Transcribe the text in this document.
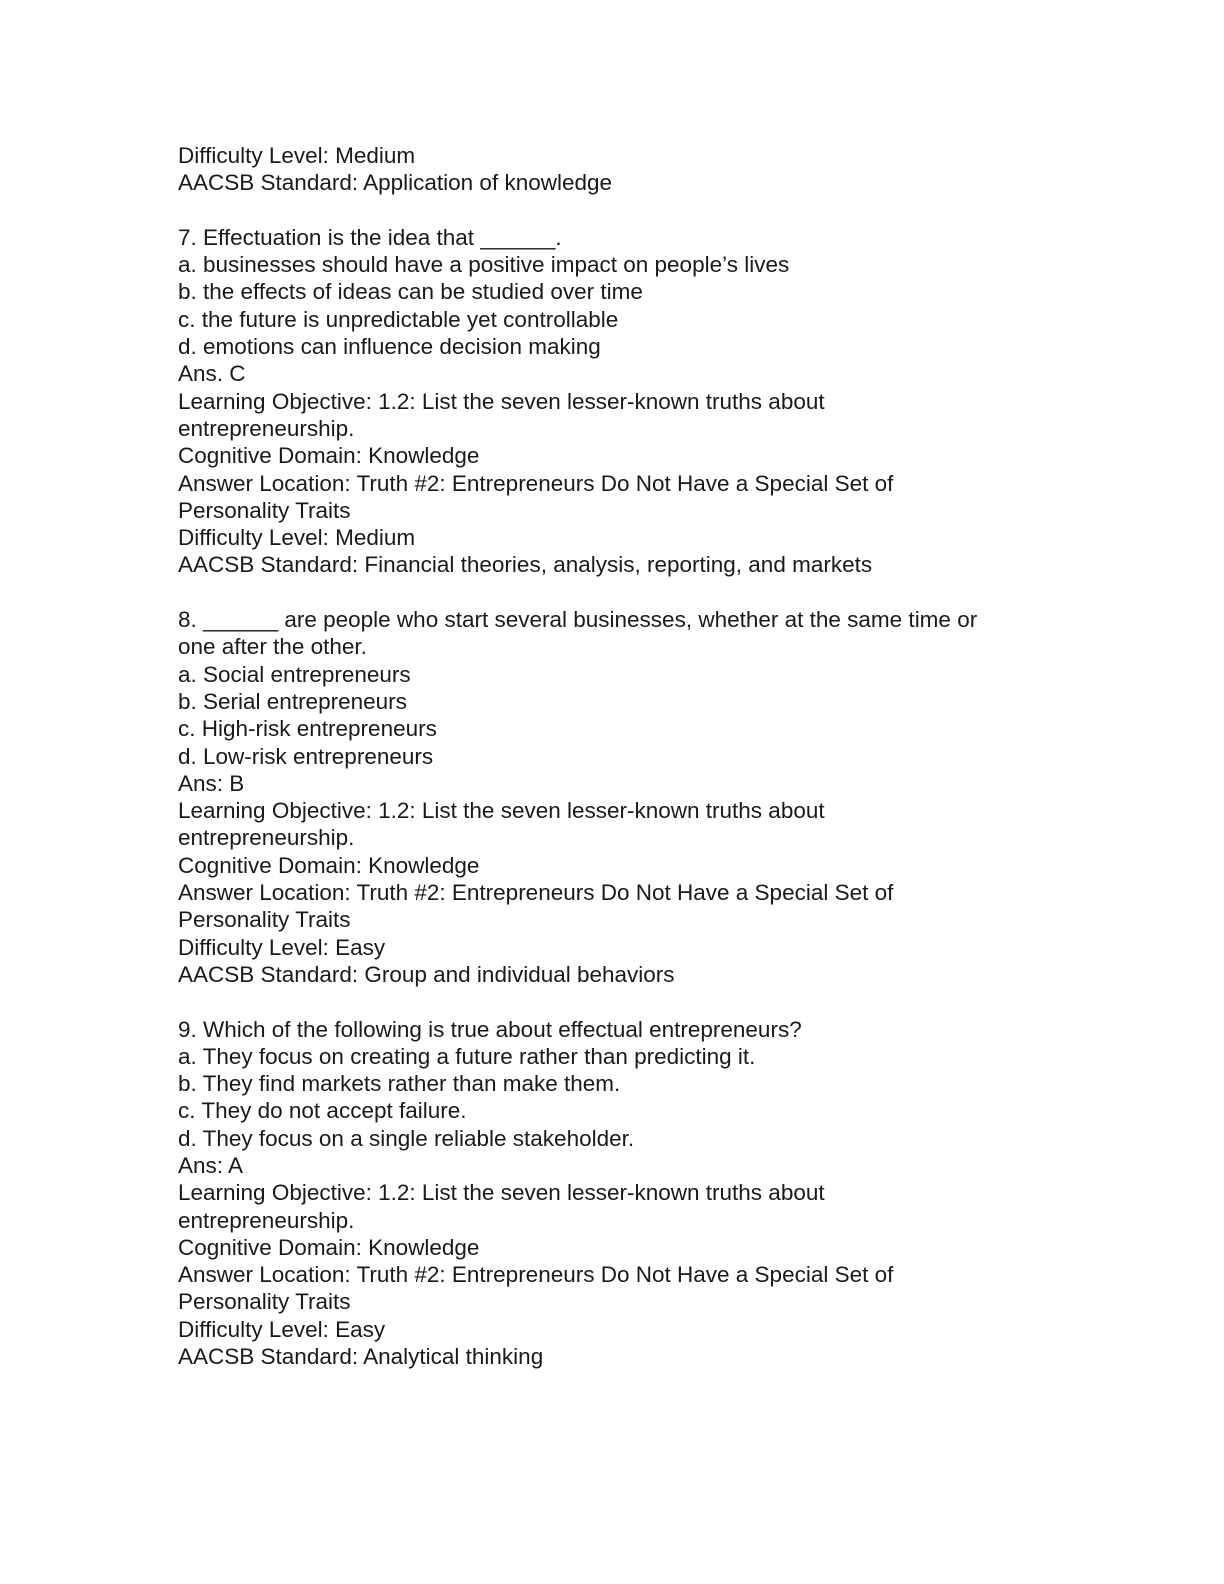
Difficulty Level: Medium
AACSB Standard: Application of knowledge
7. Effectuation is the idea that ______.
a. businesses should have a positive impact on people’s lives
b. the effects of ideas can be studied over time
c. the future is unpredictable yet controllable
d. emotions can influence decision making
Ans. C
Learning Objective: 1.2: List the seven lesser-known truths about
entrepreneurship.
Cognitive Domain: Knowledge
Answer Location: Truth #2: Entrepreneurs Do Not Have a Special Set of
Personality Traits
Difficulty Level: Medium
AACSB Standard: Financial theories, analysis, reporting, and markets
8. ______ are people who start several businesses, whether at the same time or
one after the other.
a. Social entrepreneurs
b. Serial entrepreneurs
c. High-risk entrepreneurs
d. Low-risk entrepreneurs
Ans: B
Learning Objective: 1.2: List the seven lesser-known truths about
entrepreneurship.
Cognitive Domain: Knowledge
Answer Location: Truth #2: Entrepreneurs Do Not Have a Special Set of
Personality Traits
Difficulty Level: Easy
AACSB Standard: Group and individual behaviors
9. Which of the following is true about effectual entrepreneurs?
a. They focus on creating a future rather than predicting it.
b. They find markets rather than make them.
c. They do not accept failure.
d. They focus on a single reliable stakeholder.
Ans: A
Learning Objective: 1.2: List the seven lesser-known truths about
entrepreneurship.
Cognitive Domain: Knowledge
Answer Location: Truth #2: Entrepreneurs Do Not Have a Special Set of
Personality Traits
Difficulty Level: Easy
AACSB Standard: Analytical thinking
